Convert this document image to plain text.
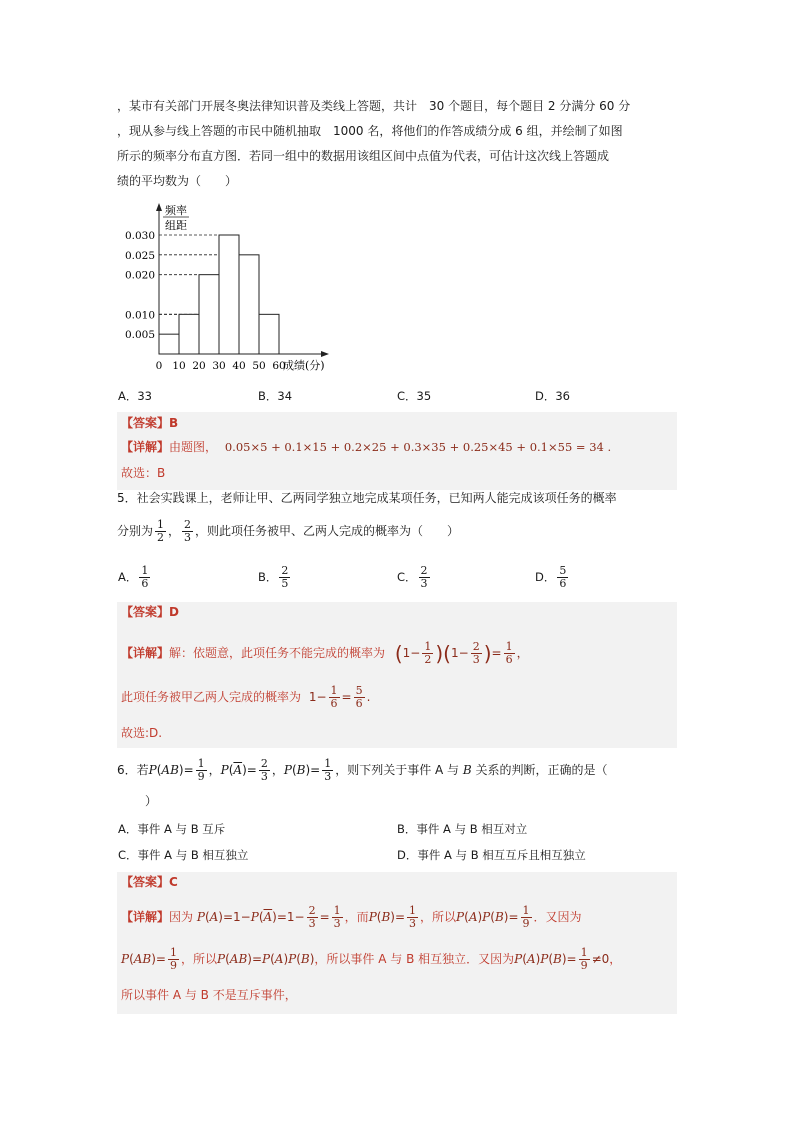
，某市有关部门开展冬奥法律知识普及类线上答题，共计　30 个题目，每个题目 2 分满分 60 分
，现从参与线上答题的市民中随机抽取　1000 名，将他们的作答成绩分成 6 组，并绘制了如图
所示的频率分布直方图．若同一组中的数据用该组区间中点值为代表，可估计这次线上答题成
绩的平均数为（　　）
频率
组距
0.005
0.010
0.020
0.025
0.030
0 10 20 30 40 50 60
成绩(分)
A．33	B．34	C．35	D．36
【答案】B
【详解】由题图， 0.05×5 + 0.1×15 + 0.2×25 + 0.3×35 + 0.25×45 + 0.1×55 = 34 .
故选：B
5．社会实践课上，老师让甲、乙两同学独立地完成某项任务，已知两人能完成该项任务的概率
分别为 $\frac{1}{2}$ ， $\frac{2}{3}$ ，则此项任务被甲、乙两人完成的概率为（　　）
A． $\frac{1}{6}$	B． $\frac{2}{5}$	C． $\frac{2}{3}$	D． $\frac{5}{6}$
【答案】D
【详解】解：依题意，此项任务不能完成的概率为 $(1- \frac{1}{2} )(1- \frac{2}{3}$ )= $\frac{1}{6}$ ，
此项任务被甲乙两人完成的概率为 $1- \frac{1}{6} = \frac{5}{6}$ .
故选:D.
6．若$P(AB)= \frac{1}{9}$ ，$P(\overline{A})= \frac{2}{3}$ ，$P(B)= \frac{1}{3}$ ，则下列关于事件 A 与 B 关系的判断，正确的是（
）
A．事件 A 与 B 互斥	B．事件 A 与 B 相互对立
C．事件 A 与 B 相互独立	D．事件 A 与 B 相互互斥且相互独立
【答案】C
【详解】因为 $P(A)=1-P(\overline{A})=1- \frac{2}{3} = \frac{1}{3}$ ，而$P(B)= \frac{1}{3}$ ，所以$P(A)P(B)= \frac{1}{9}$ ．又因为
$P(AB)= \frac{1}{9}$ ，所以P(AB)=P(A)P(B)，所以事件 A 与 B 相互独立．又因为$P(A)P(B)= \frac{1}{9} \ne 0$，
所以事件 A 与 B 不是互斥事件，
